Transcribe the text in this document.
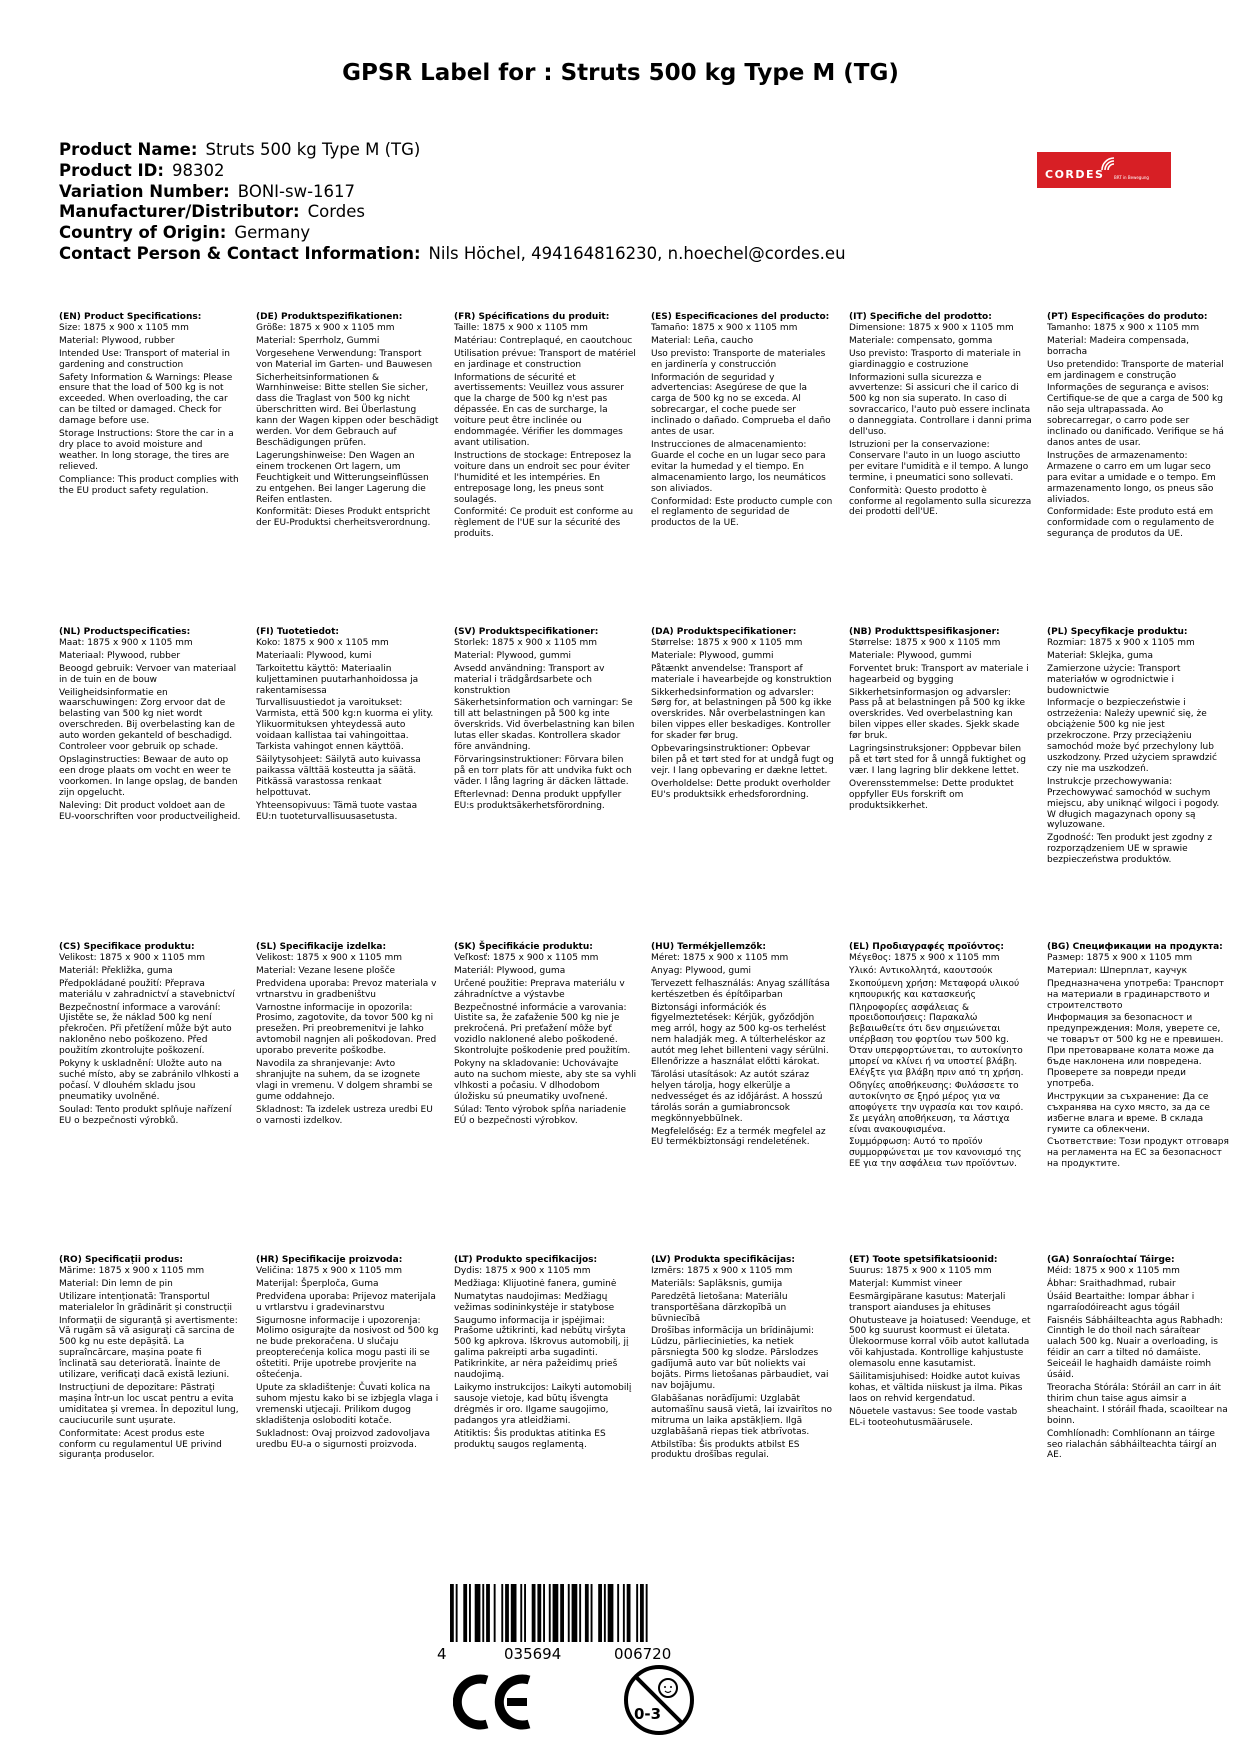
GPSR Label for : Struts 500 kg Type M (TG)
Product Name: Struts 500 kg Type M (TG)
Product ID: 98302
Variation Number: BONI-sw-1617
Manufacturer/Distributor: Cordes
Country of Origin: Germany
Contact Person & Contact Information: Nils Höchel, 494164816230, n.hoechel@cordes.eu
CORDES BRT in Bewegung
(EN) Product Specifications:

Size: 1875 x 900 x 1105 mm

Material: Plywood, rubber

Intended Use: Transport of material in gardening and construction

Safety Information & Warnings: Please ensure that the load of 500 kg is not exceeded. When overloading, the car can be tilted or damaged. Check for damage before use.

Storage Instructions: Store the car in a dry place to avoid moisture and weather. In long storage, the tires are relieved.

Compliance: This product complies with the EU product safety regulation.

(DE) Produktspezifikationen:

Größe: 1875 x 900 x 1105 mm

Material: Sperrholz, Gummi

Vorgesehene Verwendung: Transport von Material im Garten- und Bauwesen

Sicherheitsinformationen & Warnhinweise: Bitte stellen Sie sicher, dass die Traglast von 500 kg nicht überschritten wird. Bei Überlastung kann der Wagen kippen oder beschädigt werden. Vor dem Gebrauch auf Beschädigungen prüfen.

Lagerungshinweise: Den Wagen an einem trockenen Ort lagern, um Feuchtigkeit und Witterungseinflüssen zu entgehen. Bei langer Lagerung die Reifen entlasten.

Konformität: Dieses Produkt entspricht der EU-Produktsi cherheitsverordnung.

(FR) Spécifications du produit:

Taille: 1875 x 900 x 1105 mm

Matériau: Contreplaqué, en caoutchouc

Utilisation prévue: Transport de matériel en jardinage et construction

Informations de sécurité et avertissements: Veuillez vous assurer que la charge de 500 kg n'est pas dépassée. En cas de surcharge, la voiture peut être inclinée ou endommagée. Vérifier les dommages avant utilisation.

Instructions de stockage: Entreposez la voiture dans un endroit sec pour éviter l'humidité et les intempéries. En entreposage long, les pneus sont soulagés.

Conformité: Ce produit est conforme au règlement de l'UE sur la sécurité des produits.

(ES) Especificaciones del producto:

Tamaño: 1875 x 900 x 1105 mm

Material: Leña, caucho

Uso previsto: Transporte de materiales en jardinería y construcción

Información de seguridad y advertencias: Asegúrese de que la carga de 500 kg no se exceda. Al sobrecargar, el coche puede ser inclinado o dañado. Comprueba el daño antes de usar.

Instrucciones de almacenamiento: Guarde el coche en un lugar seco para evitar la humedad y el tiempo. En almacenamiento largo, los neumáticos son aliviados.

Conformidad: Este producto cumple con el reglamento de seguridad de productos de la UE.

(IT) Specifiche del prodotto:

Dimensione: 1875 x 900 x 1105 mm

Materiale: compensato, gomma

Uso previsto: Trasporto di materiale in giardinaggio e costruzione

Informazioni sulla sicurezza e avvertenze: Si assicuri che il carico di 500 kg non sia superato. In caso di sovraccarico, l'auto può essere inclinata o danneggiata. Controllare i danni prima dell'uso.

Istruzioni per la conservazione: Conservare l'auto in un luogo asciutto per evitare l'umidità e il tempo. A lungo termine, i pneumatici sono sollevati.

Conformità: Questo prodotto è conforme al regolamento sulla sicurezza dei prodotti dell'UE.

(PT) Especificações do produto:

Tamanho: 1875 x 900 x 1105 mm

Material: Madeira compensada, borracha

Uso pretendido: Transporte de material em jardinagem e construção

Informações de segurança e avisos: Certifique-se de que a carga de 500 kg não seja ultrapassada. Ao sobrecarregar, o carro pode ser inclinado ou danificado. Verifique se há danos antes de usar.

Instruções de armazenamento: Armazene o carro em um lugar seco para evitar a umidade e o tempo. Em armazenamento longo, os pneus são aliviados.

Conformidade: Este produto está em conformidade com o regulamento de segurança de produtos da UE.

(NL) Productspecificaties:

Maat: 1875 x 900 x 1105 mm

Materiaal: Plywood, rubber

Beoogd gebruik: Vervoer van materiaal in de tuin en de bouw

Veiligheidsinformatie en waarschuwingen: Zorg ervoor dat de belasting van 500 kg niet wordt overschreden. Bij overbelasting kan de auto worden gekanteld of beschadigd. Controleer voor gebruik op schade.

Opslaginstructies: Bewaar de auto op een droge plaats om vocht en weer te voorkomen. In lange opslag, de banden zijn opgelucht.

Naleving: Dit product voldoet aan de EU-voorschriften voor productveiligheid.

(FI) Tuotetiedot:

Koko: 1875 x 900 x 1105 mm

Materiaali: Plywood, kumi

Tarkoitettu käyttö: Materiaalin kuljettaminen puutarhanhoidossa ja rakentamisessa

Turvallisuustiedot ja varoitukset: Varmista, että 500 kg:n kuorma ei ylity. Ylikuormituksen yhteydessä auto voidaan kallistaa tai vahingoittaa. Tarkista vahingot ennen käyttöä.

Säilytysohjeet: Säilytä auto kuivassa paikassa välttää kosteutta ja säätä. Pitkässä varastossa renkaat helpottuvat.

Yhteensopivuus: Tämä tuote vastaa EU:n tuoteturvallisuusasetusta.

(SV) Produktspecifikationer:

Storlek: 1875 x 900 x 1105 mm

Material: Plywood, gummi

Avsedd användning: Transport av material i trädgårdsarbete och konstruktion

Säkerhetsinformation och varningar: Se till att belastningen på 500 kg inte överskrids. Vid överbelastning kan bilen lutas eller skadas. Kontrollera skador före användning.

Förvaringsinstruktioner: Förvara bilen på en torr plats för att undvika fukt och väder. I lång lagring är däcken lättade.

Efterlevnad: Denna produkt uppfyller EU:s produktsäkerhetsförordning.

(DA) Produktspecifikationer:

Størrelse: 1875 x 900 x 1105 mm

Materiale: Plywood, gummi

Påtænkt anvendelse: Transport af materiale i havearbejde og konstruktion

Sikkerhedsinformation og advarsler: Sørg for, at belastningen på 500 kg ikke overskrides. Når overbelastningen kan bilen vippes eller beskadiges. Kontroller for skader før brug.

Opbevaringsinstruktioner: Opbevar bilen på et tørt sted for at undgå fugt og vejr. I lang opbevaring er dækne lettet.

Overholdelse: Dette produkt overholder EU's produktsikk erhedsforordning.

(NB) Produkttspesifikasjoner:

Størrelse: 1875 x 900 x 1105 mm

Materiale: Plywood, gummi

Forventet bruk: Transport av materiale i hagearbeid og bygging

Sikkerhetsinformasjon og advarsler: Pass på at belastningen på 500 kg ikke overskrides. Ved overbelastning kan bilen vippes eller skades. Sjekk skade før bruk.

Lagringsinstruksjoner: Oppbevar bilen på et tørt sted for å unngå fuktighet og vær. I lang lagring blir dekkene lettet.

Overensstemmelse: Dette produktet oppfyller EUs forskrift om produktsikkerhet.

(PL) Specyfikacje produktu:

Rozmiar: 1875 x 900 x 1105 mm

Materiał: Sklejka, guma

Zamierzone użycie: Transport materiałów w ogrodnictwie i budownictwie

Informacje o bezpieczeństwie i ostrzeżenia: Należy upewnić się, że obciążenie 500 kg nie jest przekroczone. Przy przeciążeniu samochód może być przechylony lub uszkodzony. Przed użyciem sprawdzić czy nie ma uszkodzeń.

Instrukcje przechowywania: Przechowywać samochód w suchym miejscu, aby uniknąć wilgoci i pogody. W długich magazynach opony są wyluzowane.

Zgodność: Ten produkt jest zgodny z rozporządzeniem UE w sprawie bezpieczeństwa produktów.

(CS) Specifikace produktu:

Velikost: 1875 x 900 x 1105 mm

Materiál: Překližka, guma

Předpokládané použití: Přeprava materiálu v zahradnictví a stavebnictví

Bezpečnostní informace a varování: Ujistěte se, že náklad 500 kg není překročen. Při přetížení může být auto nakloněno nebo poškozeno. Před použitím zkontrolujte poškození.

Pokyny k uskladnění: Uložte auto na suché místo, aby se zabránilo vlhkosti a počasí. V dlouhém skladu jsou pneumatiky uvolněné.

Soulad: Tento produkt splňuje nařízení EU o bezpečnosti výrobků.

(SL) Specifikacije izdelka:

Velikost: 1875 x 900 x 1105 mm

Material: Vezane lesene plošče

Predvidena uporaba: Prevoz materiala v vrtnarstvu in gradbeništvu

Varnostne informacije in opozorila: Prosimo, zagotovite, da tovor 500 kg ni presežen. Pri preobremenitvi je lahko avtomobil nagnjen ali poškodovan. Pred uporabo preverite poškodbe.

Navodila za shranjevanje: Avto shranjujte na suhem, da se izognete vlagi in vremenu. V dolgem shrambi se gume oddahnejo.

Skladnost: Ta izdelek ustreza uredbi EU o varnosti izdelkov.

(SK) Špecifikácie produktu:

Veľkosť: 1875 x 900 x 1105 mm

Materiál: Plywood, guma

Určené použitie: Preprava materiálu v záhradníctve a výstavbe

Bezpečnostné informácie a varovania: Uistite sa, že zaťaženie 500 kg nie je prekročená. Pri preťažení môže byť vozidlo naklonené alebo poškodené. Skontrolujte poškodenie pred použitím.

Pokyny na skladovanie: Uchovávajte auto na suchom mieste, aby ste sa vyhli vlhkosti a počasiu. V dlhodobom úložisku sú pneumatiky uvoľnené.

Súlad: Tento výrobok spĺňa nariadenie EÚ o bezpečnosti výrobkov.

(HU) Termékjellemzők:

Méret: 1875 x 900 x 1105 mm

Anyag: Plywood, gumi

Tervezett felhasználás: Anyag szállítása kertészetben és építőiparban

Biztonsági információk és figyelmeztetések: Kérjük, győződjön meg arról, hogy az 500 kg-os terhelést nem haladják meg. A túlterheléskor az autót meg lehet billenteni vagy sérülni. Ellenőrizze a használat előtti károkat.

Tárolási utasítások: Az autót száraz helyen tárolja, hogy elkerülje a nedvességet és az időjárást. A hosszú tárolás során a gumiabroncsok megkönnyebbülnek.

Megfelelőség: Ez a termék megfelel az EU termékbiztonsági rendeletének.

(EL) Προδιαγραφές προϊόντος:

Μέγεθος: 1875 x 900 x 1105 mm

Υλικό: Αντικολλητά, καουτσούκ

Σκοπούμενη χρήση: Μεταφορά υλικού κηπουρικής και κατασκευής

Πληροφορίες ασφάλειας & προειδοποιήσεις: Παρακαλώ βεβαιωθείτε ότι δεν σημειώνεται υπέρβαση του φορτίου των 500 kg. Όταν υπερφορτώνεται, το αυτοκίνητο μπορεί να κλίνει ή να υποστεί βλάβη. Ελέγξτε για βλάβη πριν από τη χρήση.

Οδηγίες αποθήκευσης: Φυλάσσετε το αυτοκίνητο σε ξηρό μέρος για να αποφύγετε την υγρασία και τον καιρό. Σε μεγάλη αποθήκευση, τα λάστιχα είναι ανακουφισμένα.

Συμμόρφωση: Αυτό το προϊόν συμμορφώνεται με τον κανονισμό της ΕΕ για την ασφάλεια των προϊόντων.

(BG) Спецификации на продукта:

Размер: 1875 x 900 x 1105 mm

Материал: Шперплат, каучук

Предназначена употреба: Транспорт на материали в градинарството и строителството

Информация за безопасност и предупреждения: Моля, уверете се, че товарът от 500 kg не е превишен. При претоварване колата може да бъде наклонена или повредена. Проверете за повреди преди употреба.

Инструкции за съхранение: Да се съхранява на сухо място, за да се избегне влага и време. В склада гумите са облекчени.

Съответствие: Този продукт отговаря на регламента на ЕС за безопасност на продуктите.

(RO) Specificații produs:

Mărime: 1875 x 900 x 1105 mm

Material: Din lemn de pin

Utilizare intenționată: Transportul materialelor în grădinărit și construcții

Informații de siguranță și avertismente: Vă rugăm să vă asigurați că sarcina de 500 kg nu este depășită. La supraîncărcare, mașina poate fi înclinată sau deteriorată. Înainte de utilizare, verificați dacă există leziuni.

Instrucțiuni de depozitare: Păstrați mașina într-un loc uscat pentru a evita umiditatea și vremea. În depozitul lung, cauciucurile sunt ușurate.

Conformitate: Acest produs este conform cu regulamentul UE privind siguranța produselor.

(HR) Specifikacije proizvoda:

Veličina: 1875 x 900 x 1105 mm

Materijal: Šperploča, Guma

Predviđena uporaba: Prijevoz materijala u vrtlarstvu i gradevinarstvu

Sigurnosne informacije i upozorenja: Molimo osigurajte da nosivost od 500 kg ne bude prekoračena. U slučaju preopterećenja kolica mogu pasti ili se oštetiti. Prije upotrebe provjerite na oštećenja.

Upute za skladištenje: Čuvati kolica na suhom mjestu kako bi se izbjegla vlaga i vremenski utjecaji. Prilikom dugog skladištenja osloboditi kotače.

Sukladnost: Ovaj proizvod zadovoljava uredbu EU-a o sigurnosti proizvoda.

(LT) Produkto specifikacijos:

Dydis: 1875 x 900 x 1105 mm

Medžiaga: Klijuotinė fanera, guminė

Numatytas naudojimas: Medžiagų vežimas sodininkystėje ir statybose

Saugumo informacija ir įspėjimai: Prašome užtikrinti, kad nebūtų viršyta 500 kg apkrova. Iškrovus automobilį, jį galima pakreipti arba sugadinti. Patikrinkite, ar nėra pažeidimų prieš naudojimą.

Laikymo instrukcijos: Laikyti automobilį sausoje vietoje, kad būtų išvengta drėgmės ir oro. Ilgame saugojimo, padangos yra atleidžiami.

Atitiktis: Šis produktas atitinka ES produktų saugos reglamentą.

(LV) Produkta specifikācijas:

Izmērs: 1875 x 900 x 1105 mm

Materiāls: Saplāksnis, gumija

Paredzētā lietošana: Materiālu transportēšana dārzkopībā un būvniecībā

Drošības informācija un brīdinājumi: Lūdzu, pārliecinieties, ka netiek pārsniegta 500 kg slodze. Pārslodzes gadījumā auto var būt noliekts vai bojāts. Pirms lietošanas pārbaudiet, vai nav bojājumu.

Glabāšanas norādījumi: Uzglabāt automašīnu sausā vietā, lai izvairītos no mitruma un laika apstākļiem. Ilgā uzglabāšanā riepas tiek atbrīvotas.

Atbilstība: Šis produkts atbilst ES produktu drošības regulai.

(ET) Toote spetsifikatsioonid:

Suurus: 1875 x 900 x 1105 mm

Materjal: Kummist vineer

Eesmärgipärane kasutus: Materjali transport aianduses ja ehituses

Ohutusteave ja hoiatused: Veenduge, et 500 kg suurust koormust ei ületata. Ülekoormuse korral võib autot kallutada või kahjustada. Kontrollige kahjustuste olemasolu enne kasutamist.

Säilitamisjuhised: Hoidke autot kuivas kohas, et vältida niiskust ja ilma. Pikas laos on rehvid kergendatud.

Nõuetele vastavus: See toode vastab EL-i tooteohutusmäärusele.

(GA) Sonraíochtaí Táirge:

Méid: 1875 x 900 x 1105 mm

Ábhar: Sraithadhmad, rubair

Úsáid Beartaithe: Iompar ábhar i ngarraíodóireacht agus tógáil

Faisnéis Sábháilteachta agus Rabhadh: Cinntigh le do thoil nach sáraítear ualach 500 kg. Nuair a overloading, is féidir an carr a tilted nó damáiste. Seiceáil le haghaidh damáiste roimh úsáid.

Treoracha Stórála: Stóráil an carr in áit thirim chun taise agus aimsir a sheachaint. I stóráil fhada, scaoiltear na boinn.

Comhlíonadh: Comhlíonann an táirge seo rialachán sábháilteachta táirgí an AE.

4	035694	006720
CE
0-3
